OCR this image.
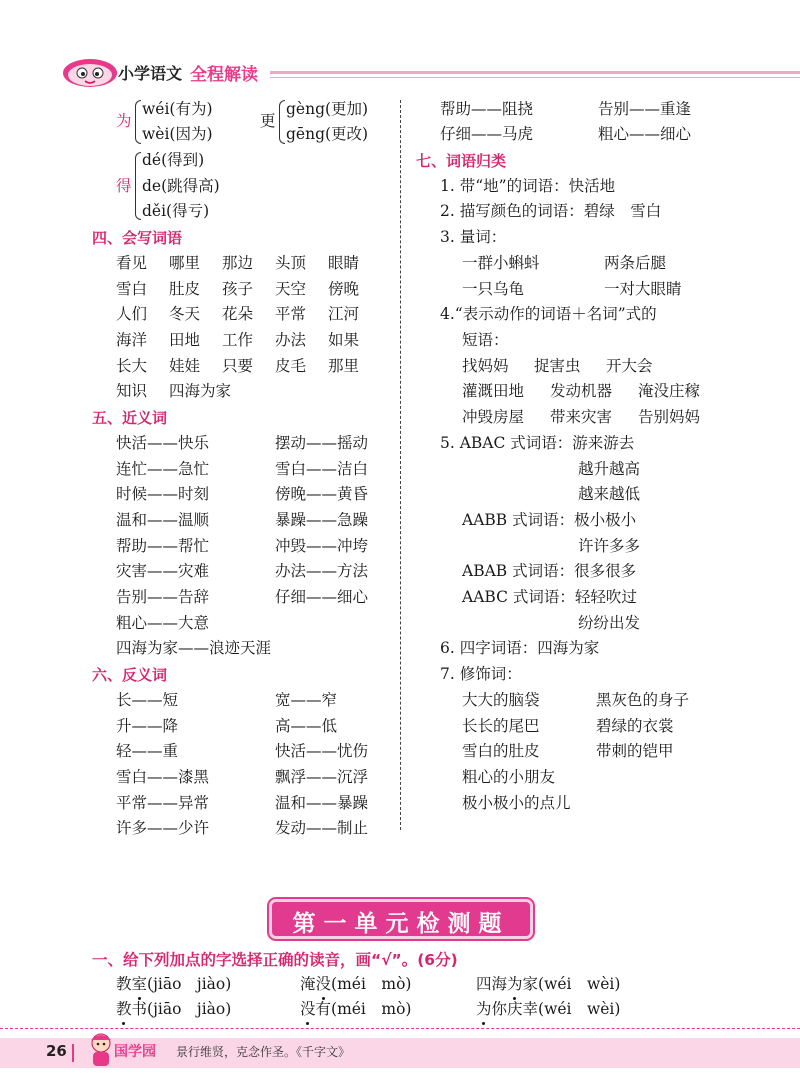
小学语文 全程解读
为
wéi(有为)
wèi(因为)
更
gèng(更加)
gēng(更改)
得
dé(得到)
de(跳得高)
děi(得亏)
四、会写词语
看见 哪里 那边 头顶 眼睛
雪白 肚皮 孩子 天空 傍晚
人们 冬天 花朵 平常 江河
海洋 田地 工作 办法 如果
长大 娃娃 只要 皮毛 那里
知识 四海为家
五、近义词
快活——快乐	摆动——摇动
连忙——急忙	雪白——洁白
时候——时刻	傍晚——黄昏
温和——温顺	暴躁——急躁
帮助——帮忙	冲毁——冲垮
灾害——灾难	办法——方法
告别——告辞	仔细——细心
粗心——大意
四海为家——浪迹天涯
六、反义词
长——短	宽——窄
升——降	高——低
轻——重	快活——忧伤
雪白——漆黑	飘浮——沉浮
平常——异常	温和——暴躁
许多——少许	发动——制止
帮助——阻挠	告别——重逢
仔细——马虎	粗心——细心
七、词语归类
1. 带“地”的词语：快活地
2. 描写颜色的词语：碧绿　雪白
3. 量词：
一群小蝌蚪	两条后腿
一只乌龟	一对大眼睛
4.“表示动作的词语＋名词”式的
短语：
找妈妈 捉害虫 开大会
灌溉田地 发动机器 淹没庄稼
冲毁房屋 带来灾害 告别妈妈
5. ABAC 式词语：游来游去
越升越高
越来越低
AABB 式词语：极小极小
许许多多
ABAB 式词语：很多很多
AABC 式词语：轻轻吹过
纷纷出发
6. 四字词语：四海为家
7. 修饰词：
大大的脑袋	黑灰色的身子
长长的尾巴	碧绿的衣裳
雪白的肚皮	带刺的铠甲
粗心的小朋友
极小极小的点儿
第一单元检测题
一、给下列加点的字选择正确的读音，画“√”。(6分)
教室(jiāo　jiào)	淹没(méi　mò)	四海为家(wéi　wèi)
教书(jiāo　jiào)	没有(méi　mò)	为你庆幸(wéi　wèi)
26	国学园 景行维贤，克念作圣。《千字文》
